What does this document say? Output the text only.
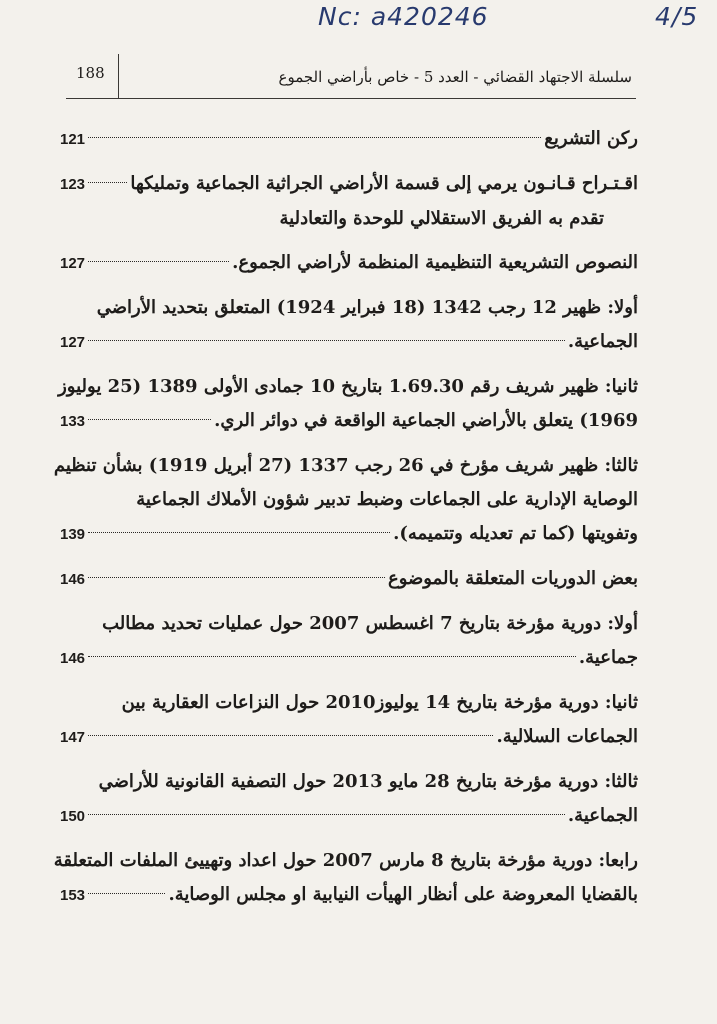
Nc: a420246	4/5
188	سلسلة الاجتهاد القضائي - العدد 5 - خاص بأراضي الجموع
ركن التشريع
121
اقـتـراح قـانـون يرمي إلى قسمة الأراضي الجراثية الجماعية وتمليكها
123
تقدم به الفريق الاستقلالي للوحدة والتعادلية
النصوص التشريعية التنظيمية المنظمة لأراضي الجموع.
127
أولا: ظهير 12 رجب 1342 (18 فبراير 1924) المتعلق بتحديد الأراضي
الجماعية.
127
ثانيا: ظهير شريف رقم 1.69.30 بتاريخ 10 جمادى الأولى 1389 (25 يوليوز
1969) يتعلق بالأراضي الجماعية الواقعة في دوائر الري.
133
ثالثا: ظهير شريف مؤرخ في 26 رجب 1337 (27 أبريل 1919) بشأن تنظيم
الوصاية الإدارية على الجماعات وضبط تدبير شؤون الأملاك الجماعية
وتفويتها (كما تم تعديله وتتميمه).
139
بعض الدوريات المتعلقة بالموضوع
146
أولا: دورية مؤرخة بتاريخ 7 اغسطس 2007 حول عمليات تحديد مطالب
جماعية.
146
ثانيا: دورية مؤرخة بتاريخ 14 يوليوز2010 حول النزاعات العقارية بين
الجماعات السلالية.
147
ثالثا: دورية مؤرخة بتاريخ 28 مايو 2013 حول التصفية القانونية للأراضي
الجماعية.
150
رابعا: دورية مؤرخة بتاريخ 8 مارس 2007 حول اعداد وتهييئ الملفات المتعلقة
بالقضايا المعروضة على أنظار الهيأت النيابية او مجلس الوصاية.
153
